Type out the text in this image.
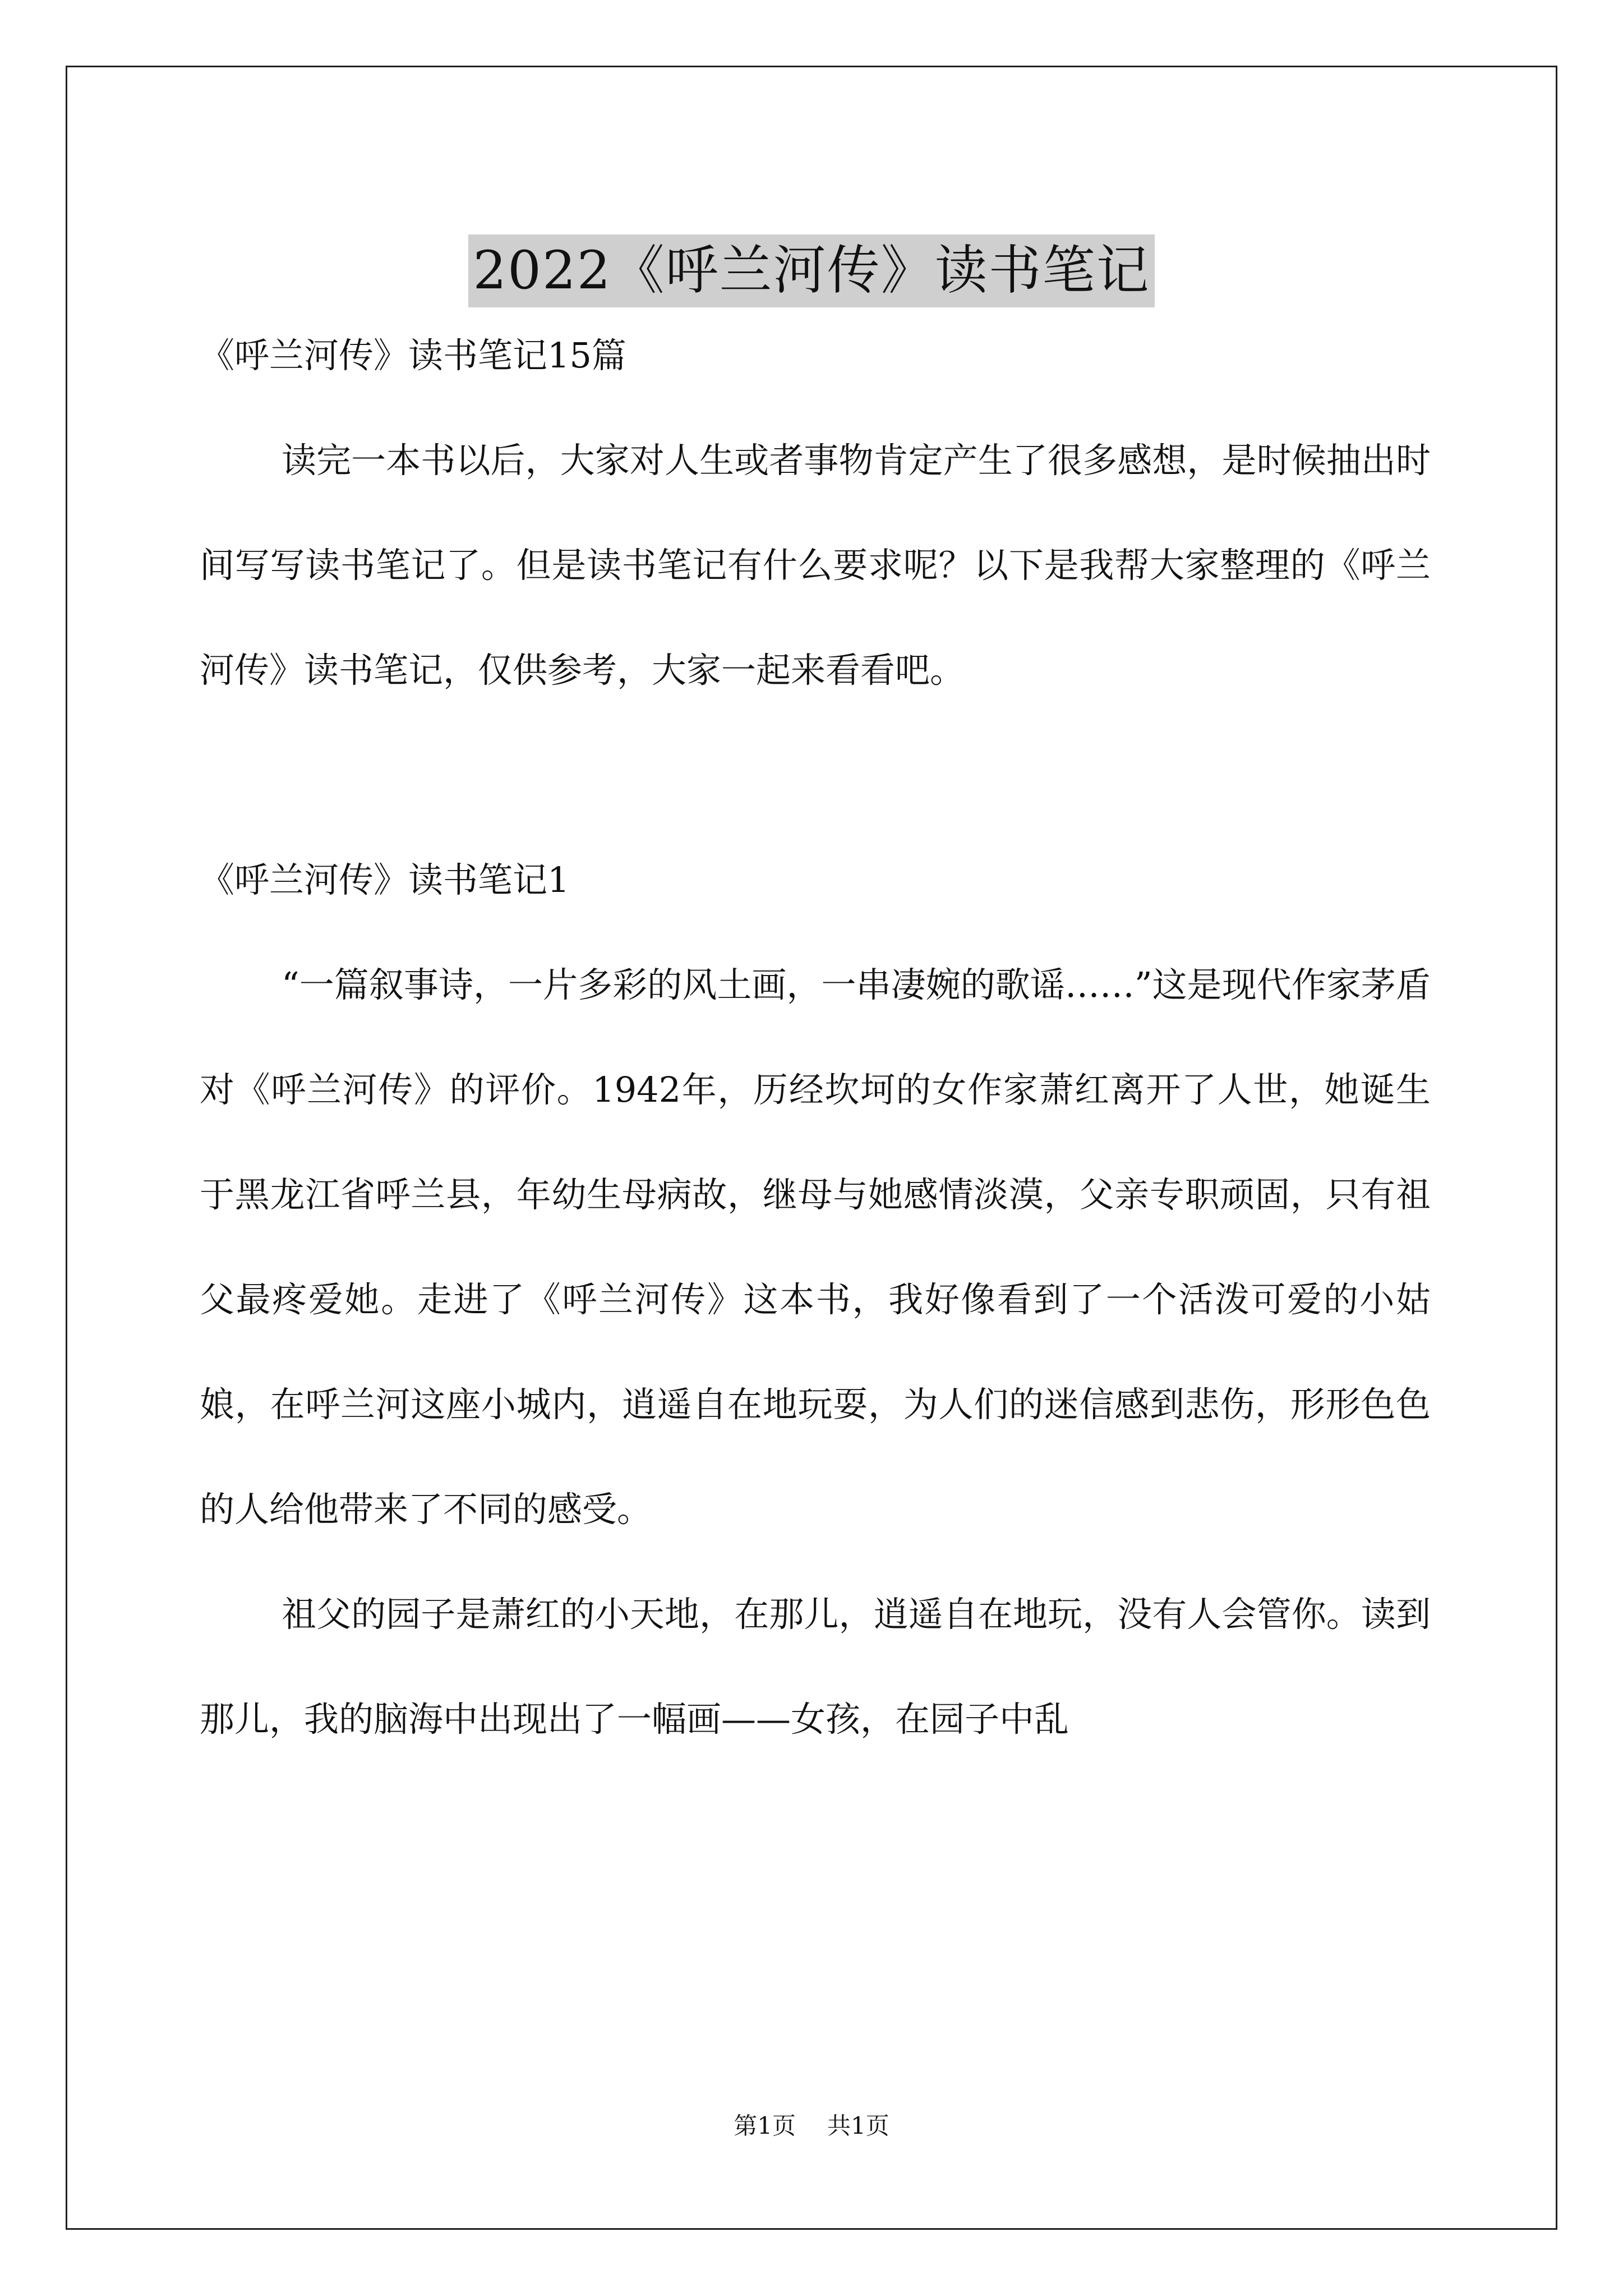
2022《呼兰河传》读书笔记

《呼兰河传》读书笔记15篇

读完一本书以后，大家对人生或者事物肯定产生了很多感想，是时候抽出时间写写读书笔记了。但是读书笔记有什么要求呢？以下是我帮大家整理的《呼兰河传》读书笔记，仅供参考，大家一起来看看吧。

《呼兰河传》读书笔记1

“一篇叙事诗，一片多彩的风土画，一串凄婉的歌谣……”这是现代作家茅盾对《呼兰河传》的评价。1942年，历经坎坷的女作家萧红离开了人世，她诞生于黑龙江省呼兰县，年幼生母病故，继母与她感情淡漠，父亲专职顽固，只有祖父最疼爱她。走进了《呼兰河传》这本书，我好像看到了一个活泼可爱的小姑娘，在呼兰河这座小城内，逍遥自在地玩耍，为人们的迷信感到悲伤，形形色色的人给他带来了不同的感受。

祖父的园子是萧红的小天地，在那儿，逍遥自在地玩，没有人会管你。读到那儿，我的脑海中出现出了一幅画——女孩，在园子中乱

第1页 共1页
